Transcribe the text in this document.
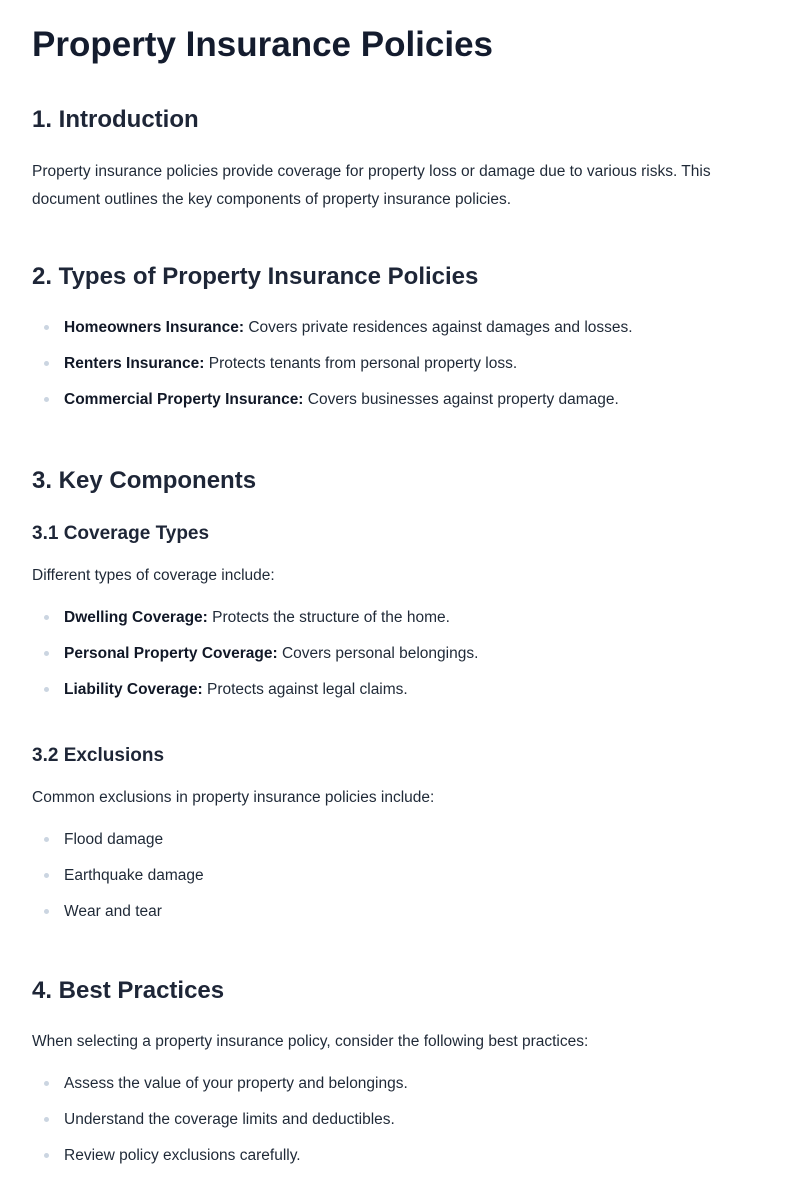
Property Insurance Policies
1. Introduction

Property insurance policies provide coverage for property loss or damage due to various risks. This document outlines the key components of property insurance policies.

2. Types of Property Insurance Policies
Homeowners Insurance: Covers private residences against damages and losses.
Renters Insurance: Protects tenants from personal property loss.
Commercial Property Insurance: Covers businesses against property damage.
3. Key Components
3.1 Coverage Types

Different types of coverage include:

Dwelling Coverage: Protects the structure of the home.
Personal Property Coverage: Covers personal belongings.
Liability Coverage: Protects against legal claims.
3.2 Exclusions

Common exclusions in property insurance policies include:

Flood damage
Earthquake damage
Wear and tear
4. Best Practices

When selecting a property insurance policy, consider the following best practices:

Assess the value of your property and belongings.
Understand the coverage limits and deductibles.
Review policy exclusions carefully.
